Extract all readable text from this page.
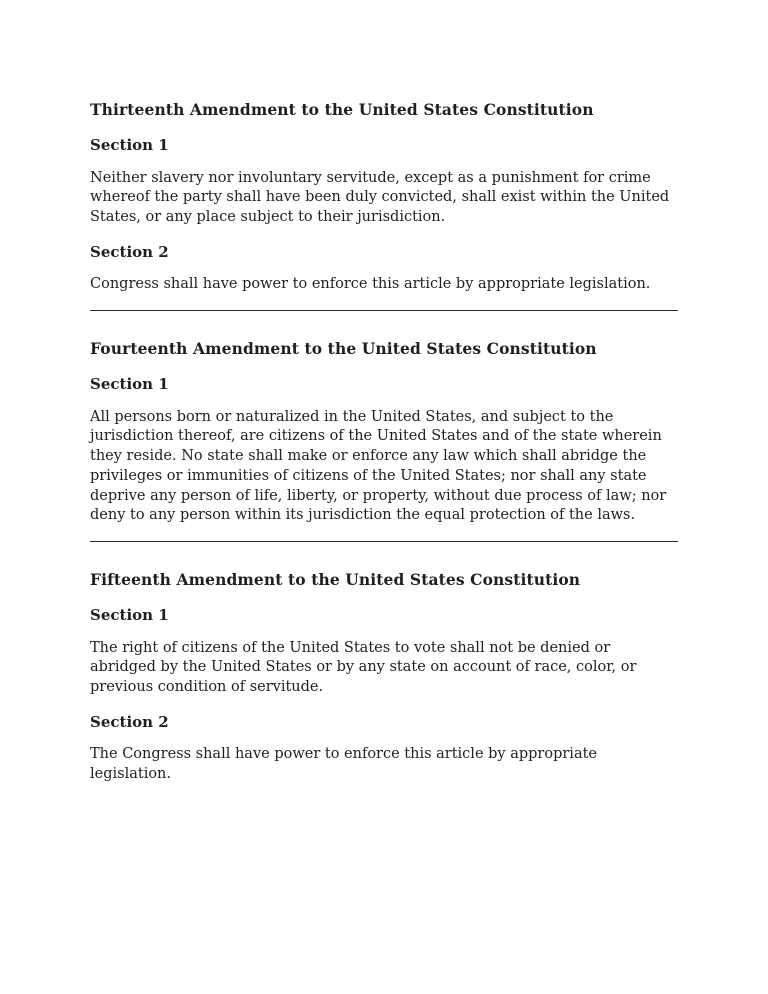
Thirteenth Amendment to the United States Constitution
Section 1

Neither slavery nor involuntary servitude, except as a punishment for crime whereof the party shall have been duly convicted, shall exist within the United States, or any place subject to their jurisdiction.

Section 2

Congress shall have power to enforce this article by appropriate legislation.

Fourteenth Amendment to the United States Constitution
Section 1

All persons born or naturalized in the United States, and subject to the jurisdiction thereof, are citizens of the United States and of the state wherein they reside. No state shall make or enforce any law which shall abridge the privileges or immunities of citizens of the United States; nor shall any state deprive any person of life, liberty, or property, without due process of law; nor deny to any person within its jurisdiction the equal protection of the laws.

Fifteenth Amendment to the United States Constitution
Section 1

The right of citizens of the United States to vote shall not be denied or abridged by the United States or by any state on account of race, color, or previous condition of servitude.

Section 2

The Congress shall have power to enforce this article by appropriate legislation.
